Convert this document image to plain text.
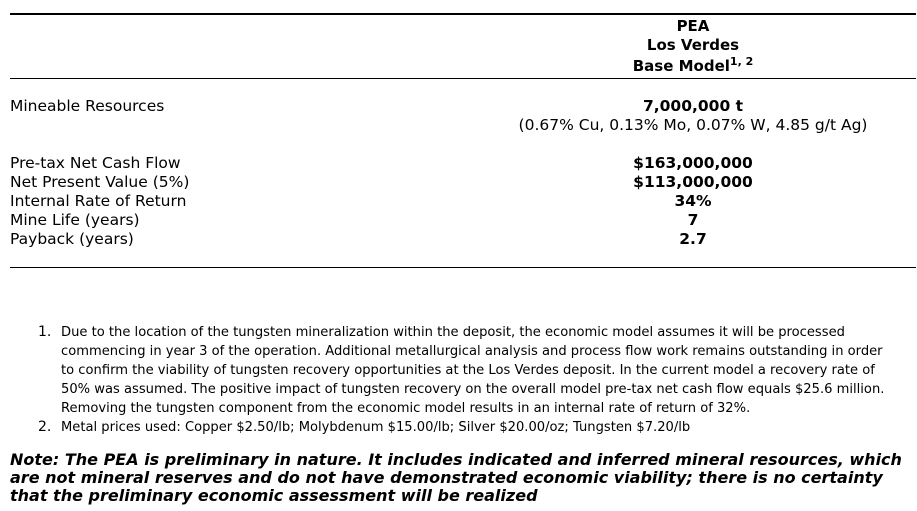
PEA
Los Verdes
Base Model$^{1, 2}$
Mineable Resources	7,000,000 t
(0.67% Cu, 0.13% Mo, 0.07% W, 4.85 g/t Ag)
Pre-tax Net Cash Flow	$163,000,000
Net Present Value (5%)	$113,000,000
Internal Rate of Return	34%
Mine Life (years)	7
Payback (years)	2.7
1. Due to the location of the tungsten mineralization within the deposit, the economic model assumes it will be processed commencing in year 3 of the operation. Additional metallurgical analysis and process flow work remains outstanding in order to confirm the viability of tungsten recovery opportunities at the Los Verdes deposit. In the current model a recovery rate of 50% was assumed. The positive impact of tungsten recovery on the overall model pre-tax net cash flow equals $25.6 million. Removing the tungsten component from the economic model results in an internal rate of return of 32%.
2. Metal prices used: Copper $2.50/lb; Molybdenum $15.00/lb; Silver $20.00/oz; Tungsten $7.20/lb
Note: The PEA is preliminary in nature. It includes indicated and inferred mineral resources, which are not mineral reserves and do not have demonstrated economic viability; there is no certainty that the preliminary economic assessment will be realized
